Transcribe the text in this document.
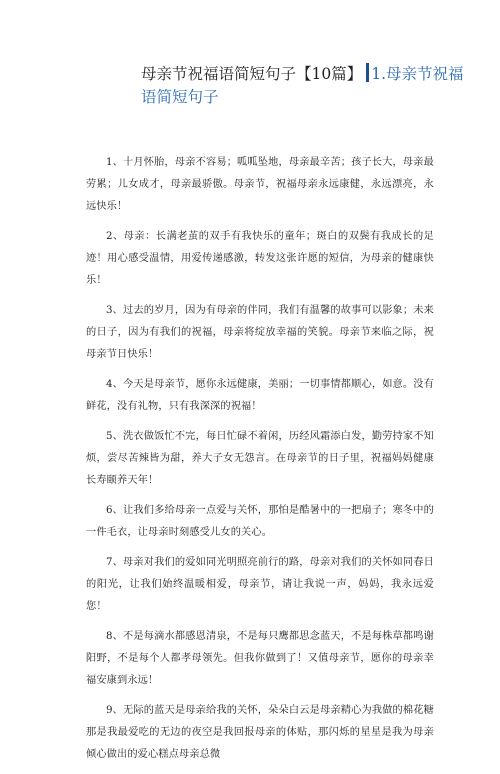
母亲节祝福语简短句子【10篇】 1.母亲节祝福
语简短句子

1、十月怀胎，母亲不容易；呱呱坠地，母亲最辛苦；孩子长大，母亲最劳累；儿女成才，母亲最骄傲。母亲节，祝福母亲永远康健，永远漂亮，永远快乐！

2、母亲：长满老茧的双手有我快乐的童年；斑白的双鬓有我成长的足迹！用心感受温情，用爱传递感激，转发这张许愿的短信，为母亲的健康快乐！

3、过去的岁月，因为有母亲的伴同，我们有温馨的故事可以影象；未来的日子，因为有我们的祝福，母亲将绽放幸福的笑貌。母亲节来临之际，祝母亲节日快乐！

4、今天是母亲节，愿你永远健康，美丽；一切事情都顺心，如意。没有鲜花，没有礼物，只有我深深的祝福！

5、洗衣做饭忙不完，每日忙碌不着闲，历经风霜添白发，勤劳持家不知烦，尝尽苦辣皆为甜，养大子女无怨言。在母亲节的日子里，祝福妈妈健康长寿颐养天年！

6、让我们多给母亲一点爱与关怀，那怕是酷暑中的一把扇子；寒冬中的一件毛衣，让母亲时刻感受儿女的关心。

7、母亲对我们的爱如同光明照亮前行的路，母亲对我们的关怀如同春日的阳光，让我们始终温暖相爱，母亲节，请让我说一声，妈妈，我永远爱您！

8、不是每滴水都感恩清泉，不是每只鹰都思念蓝天，不是每株草都鸣谢阳野，不是每个人都孝母领先。但我你做到了！又值母亲节，愿你的母亲幸福安康到永远！

9、无际的蓝天是母亲给我的关怀，朵朵白云是母亲精心为我做的棉花糖那是我最爱吃的无边的夜空是我回报母亲的体贴，那闪烁的星星是我为母亲倾心做出的爱心糕点母亲总微
